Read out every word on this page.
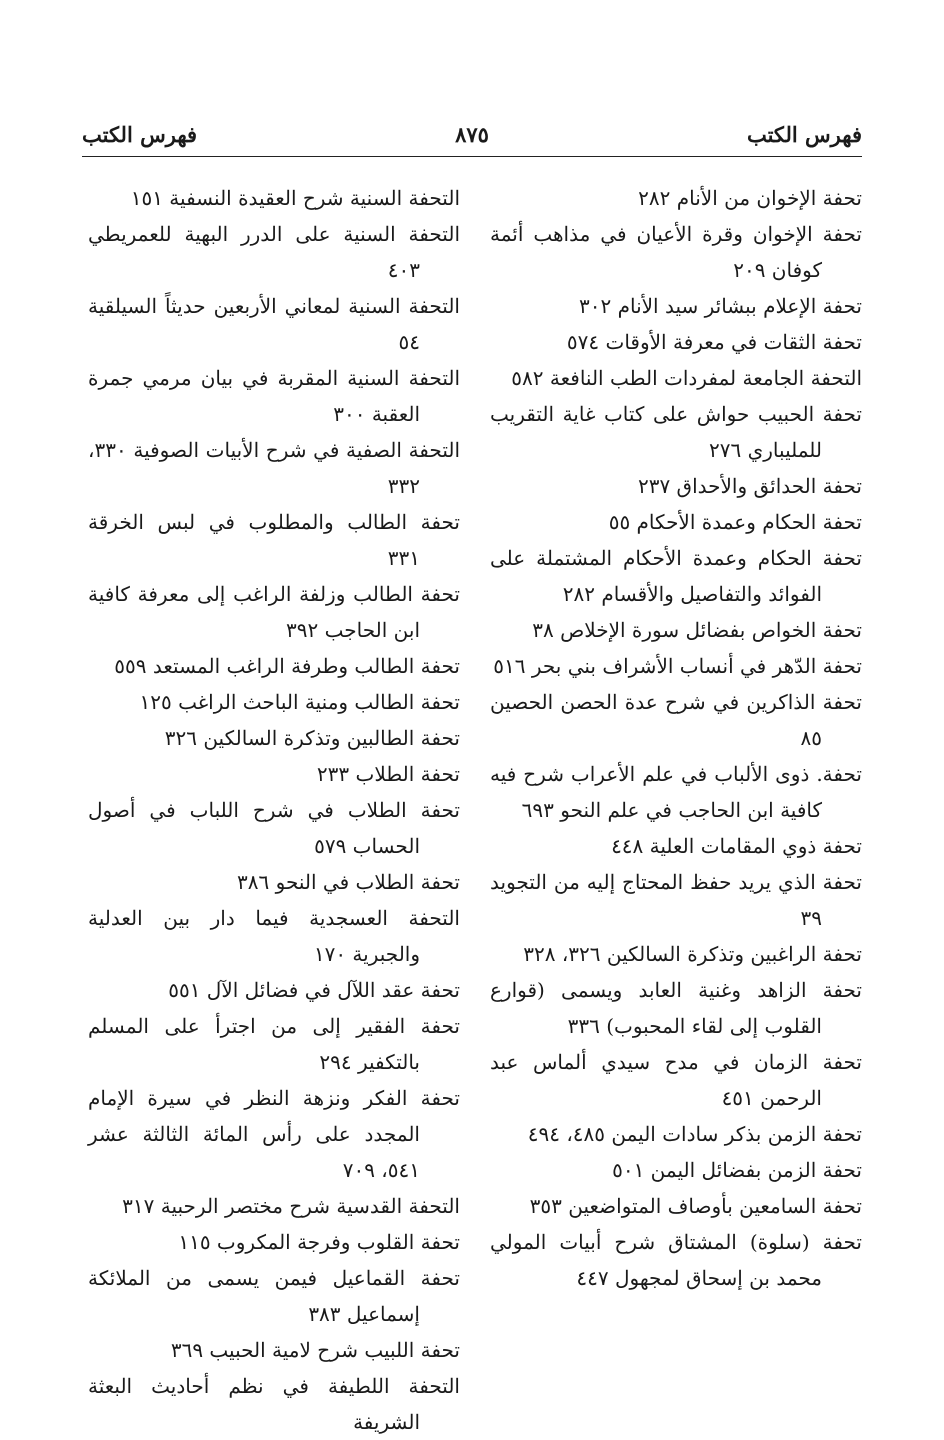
فهرس الكتب
٨٧٥
فهرس الكتب
تحفة الإخوان من الأنام ٢٨٢
تحفة الإخوان وقرة الأعيان في مذاهب أئمة كوفان ٢٠٩
تحفة الإعلام ببشائر سيد الأنام ٣٠٢
تحفة الثقات في معرفة الأوقات ٥٧٤
التحفة الجامعة لمفردات الطب النافعة ٥٨٢
تحفة الحبيب حواش على كتاب غاية التقريب للمليباري ٢٧٦
تحفة الحدائق والأحداق ٢٣٧
تحفة الحكام وعمدة الأحكام ٥٥
تحفة الحكام وعمدة الأحكام المشتملة على الفوائد والتفاصيل والأقسام ٢٨٢
تحفة الخواص بفضائل سورة الإخلاص ٣٨
تحفة الدّهر في أنساب الأشراف بني بحر ٥١٦
تحفة الذاكرين في شرح عدة الحصن الحصين ٨٥
تحفة. ذوى الألباب في علم الأعراب شرح فيه كافية ابن الحاجب في علم النحو ٦٩٣
تحفة ذوي المقامات العلية ٤٤٨
تحفة الذي يريد حفظ المحتاج إليه من التجويد ٣٩
تحفة الراغبين وتذكرة السالكين ٣٢٦، ٣٢٨
تحفة الزاهد وغنية العابد ويسمى (قوارع القلوب إلى لقاء المحبوب) ٣٣٦
تحفة الزمان في مدح سيدي ألماس عبد الرحمن ٤٥١
تحفة الزمن بذكر سادات اليمن ٤٨٥، ٤٩٤
تحفة الزمن بفضائل اليمن ٥٠١
تحفة السامعين بأوصاف المتواضعين ٣٥٣
تحفة (سلوة) المشتاق شرح أبيات المولي محمد بن إسحاق لمجهول ٤٤٧
التحفة السنية شرح العقيدة النسفية ١٥١
التحفة السنية على الدرر البهية للعمريطي ٤٠٣
التحفة السنية لمعاني الأربعين حديثاً السيلقية ٥٤
التحفة السنية المقربة في بيان مرمي جمرة العقبة ٣٠٠
التحفة الصفية في شرح الأبيات الصوفية ٣٣٠، ٣٣٢
تحفة الطالب والمطلوب في لبس الخرقة ٣٣١
تحفة الطالب وزلفة الراغب إلى معرفة كافية ابن الحاجب ٣٩٢
تحفة الطالب وطرفة الراغب المستعد ٥٥٩
تحفة الطالب ومنية الباحث الراغب ١٢٥
تحفة الطالبين وتذكرة السالكين ٣٢٦
تحفة الطلاب ٢٣٣
تحفة الطلاب في شرح اللباب في أصول الحساب ٥٧٩
تحفة الطلاب في النحو ٣٨٦
التحفة العسجدية فيما دار بين العدلية والجبرية ١٧٠
تحفة عقد اللآل في فضائل الآل ٥٥١
تحفة الفقير إلى من اجترأ على المسلم بالتكفير ٢٩٤
تحفة الفكر ونزهة النظر في سيرة الإمام المجدد على رأس المائة الثالثة عشر ٥٤١، ٧٠٩
التحفة القدسية شرح مختصر الرحبية ٣١٧
تحفة القلوب وفرجة المكروب ١١٥
تحفة القماعيل فيمن يسمى من الملائكة إسماعيل ٣٨٣
تحفة اللبيب شرح لامية الحبيب ٣٦٩
التحفة اللطيفة في نظم أحاديث البعثة الشريفة
